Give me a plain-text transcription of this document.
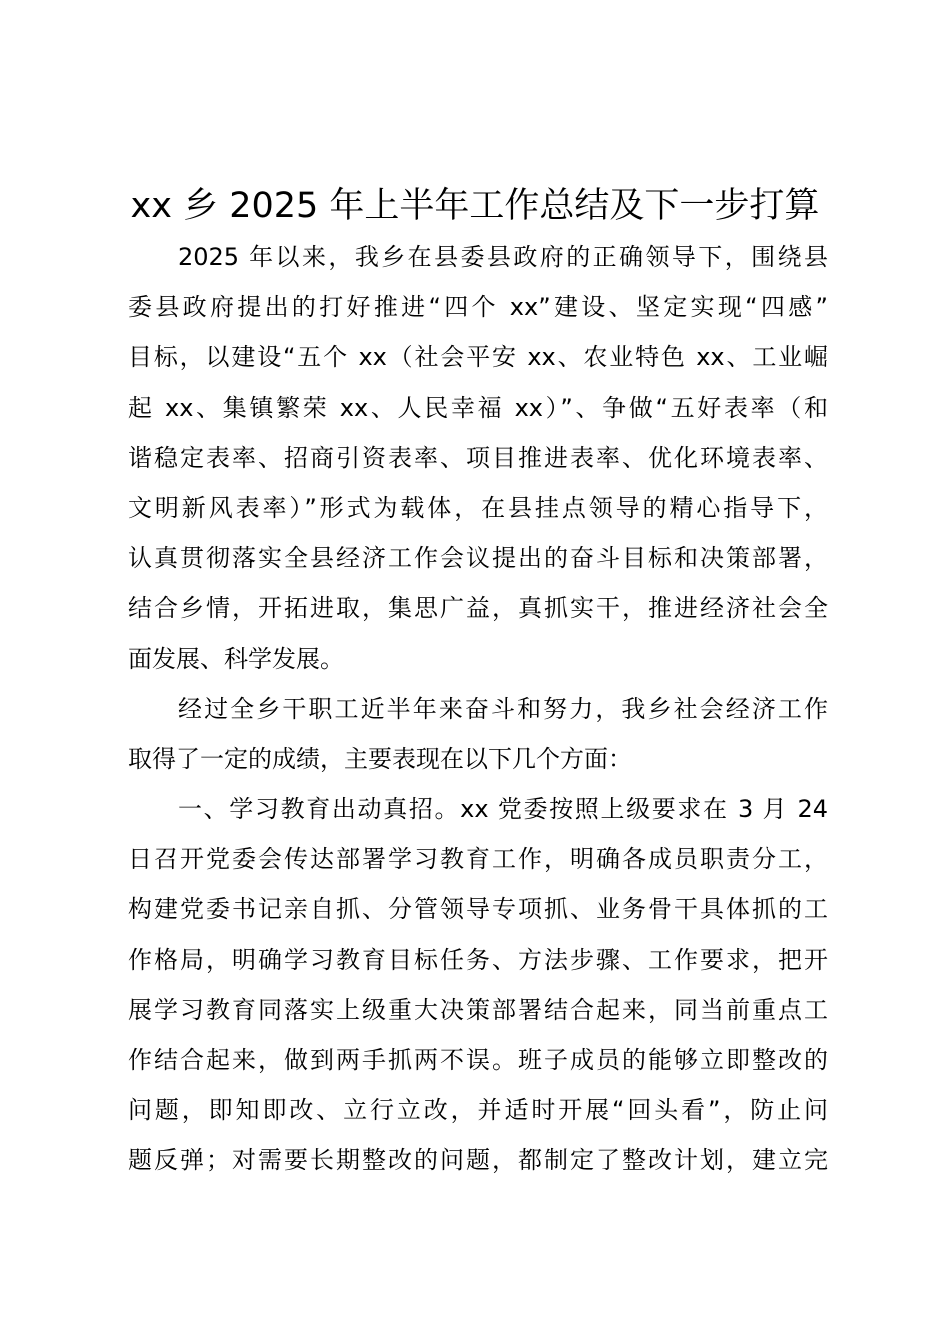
xx 乡 2025 年上半年工作总结及下一步打算
2025 年以来，我乡在县委县政府的正确领导下，围绕县
委县政府提出的打好推进“四个 xx”建设、坚定实现“四感”
目标，以建设“五个 xx（社会平安 xx、农业特色 xx、工业崛
起 xx、集镇繁荣 xx、人民幸福 xx）”、争做“五好表率（和
谐稳定表率、招商引资表率、项目推进表率、优化环境表率、
文明新风表率）”形式为载体，在县挂点领导的精心指导下，
认真贯彻落实全县经济工作会议提出的奋斗目标和决策部署，
结合乡情，开拓进取，集思广益，真抓实干，推进经济社会全
面发展、科学发展。
经过全乡干职工近半年来奋斗和努力，我乡社会经济工作
取得了一定的成绩，主要表现在以下几个方面：
一、学习教育出动真招。xx 党委按照上级要求在 3 月 24
日召开党委会传达部署学习教育工作，明确各成员职责分工，
构建党委书记亲自抓、分管领导专项抓、业务骨干具体抓的工
作格局，明确学习教育目标任务、方法步骤、工作要求，把开
展学习教育同落实上级重大决策部署结合起来，同当前重点工
作结合起来，做到两手抓两不误。班子成员的能够立即整改的
问题，即知即改、立行立改，并适时开展“回头看”，防止问
题反弹；对需要长期整改的问题，都制定了整改计划，建立完
